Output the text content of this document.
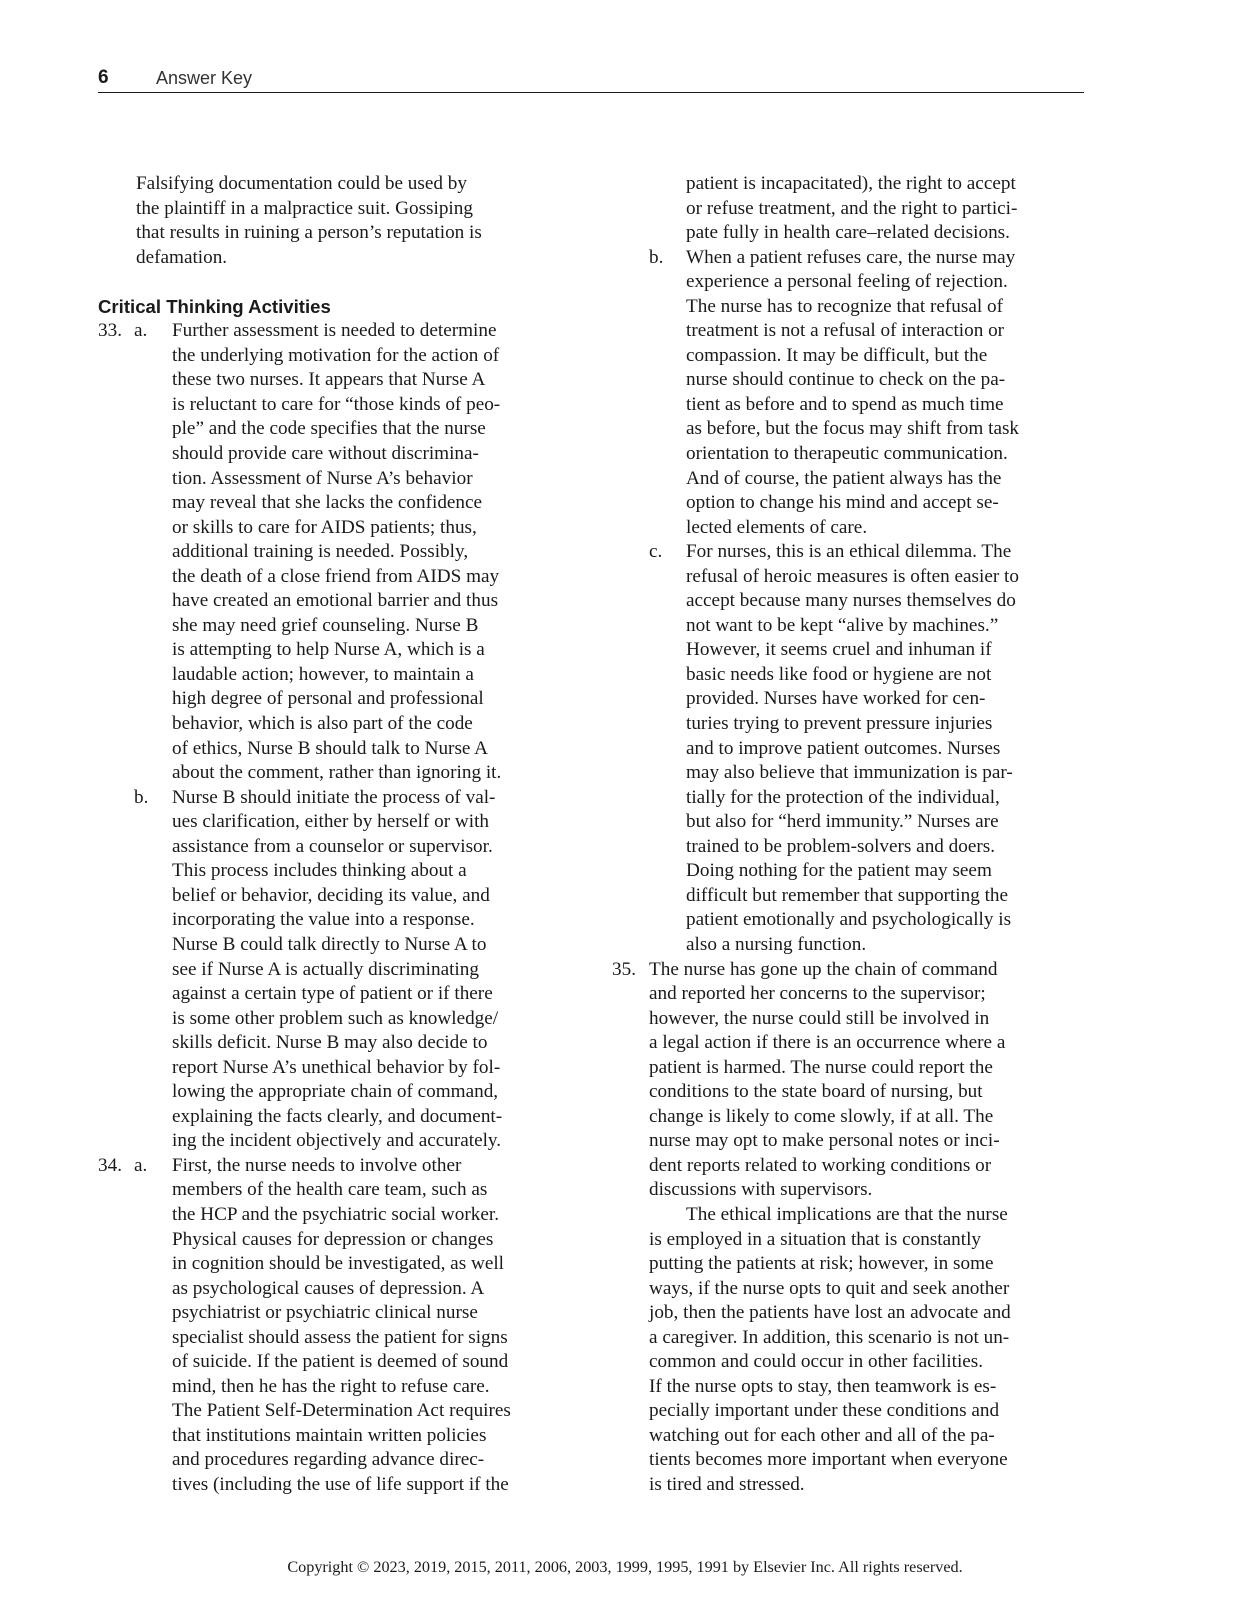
6	Answer Key
Falsifying documentation could be used by
the plaintiff in a malpractice suit. Gossiping
that results in ruining a person’s reputation is
defamation.
Critical Thinking Activities
33. a. Further assessment is needed to determine
the underlying motivation for the action of
these two nurses. It appears that Nurse A
is reluctant to care for “those kinds of peo-
ple” and the code specifies that the nurse
should provide care without discrimina-
tion. Assessment of Nurse A’s behavior
may reveal that she lacks the confidence
or skills to care for AIDS patients; thus,
additional training is needed. Possibly,
the death of a close friend from AIDS may
have created an emotional barrier and thus
she may need grief counseling. Nurse B
is attempting to help Nurse A, which is a
laudable action; however, to maintain a
high degree of personal and professional
behavior, which is also part of the code
of ethics, Nurse B should talk to Nurse A
about the comment, rather than ignoring it.
b. Nurse B should initiate the process of val-
ues clarification, either by herself or with
assistance from a counselor or supervisor.
This process includes thinking about a
belief or behavior, deciding its value, and
incorporating the value into a response.
Nurse B could talk directly to Nurse A to
see if Nurse A is actually discriminating
against a certain type of patient or if there
is some other problem such as knowledge/
skills deficit. Nurse B may also decide to
report Nurse A’s unethical behavior by fol-
lowing the appropriate chain of command,
explaining the facts clearly, and document-
ing the incident objectively and accurately.
34. a. First, the nurse needs to involve other
members of the health care team, such as
the HCP and the psychiatric social worker.
Physical causes for depression or changes
in cognition should be investigated, as well
as psychological causes of depression. A
psychiatrist or psychiatric clinical nurse
specialist should assess the patient for signs
of suicide. If the patient is deemed of sound
mind, then he has the right to refuse care.
The Patient Self-Determination Act requires
that institutions maintain written policies
and procedures regarding advance direc-
tives (including the use of life support if the
patient is incapacitated), the right to accept
or refuse treatment, and the right to partici-
pate fully in health care–related decisions.
b. When a patient refuses care, the nurse may
experience a personal feeling of rejection.
The nurse has to recognize that refusal of
treatment is not a refusal of interaction or
compassion. It may be difficult, but the
nurse should continue to check on the pa-
tient as before and to spend as much time
as before, but the focus may shift from task
orientation to therapeutic communication.
And of course, the patient always has the
option to change his mind and accept se-
lected elements of care.
c. For nurses, this is an ethical dilemma. The
refusal of heroic measures is often easier to
accept because many nurses themselves do
not want to be kept “alive by machines.”
However, it seems cruel and inhuman if
basic needs like food or hygiene are not
provided. Nurses have worked for cen-
turies trying to prevent pressure injuries
and to improve patient outcomes. Nurses
may also believe that immunization is par-
tially for the protection of the individual,
but also for “herd immunity.” Nurses are
trained to be problem-solvers and doers.
Doing nothing for the patient may seem
difficult but remember that supporting the
patient emotionally and psychologically is
also a nursing function.
35. The nurse has gone up the chain of command
and reported her concerns to the supervisor;
however, the nurse could still be involved in
a legal action if there is an occurrence where a
patient is harmed. The nurse could report the
conditions to the state board of nursing, but
change is likely to come slowly, if at all. The
nurse may opt to make personal notes or inci-
dent reports related to working conditions or
discussions with supervisors.
The ethical implications are that the nurse
is employed in a situation that is constantly
putting the patients at risk; however, in some
ways, if the nurse opts to quit and seek another
job, then the patients have lost an advocate and
a caregiver. In addition, this scenario is not un-
common and could occur in other facilities.
If the nurse opts to stay, then teamwork is es-
pecially important under these conditions and
watching out for each other and all of the pa-
tients becomes more important when everyone
is tired and stressed.
Copyright © 2023, 2019, 2015, 2011, 2006, 2003, 1999, 1995, 1991 by Elsevier Inc. All rights reserved.
